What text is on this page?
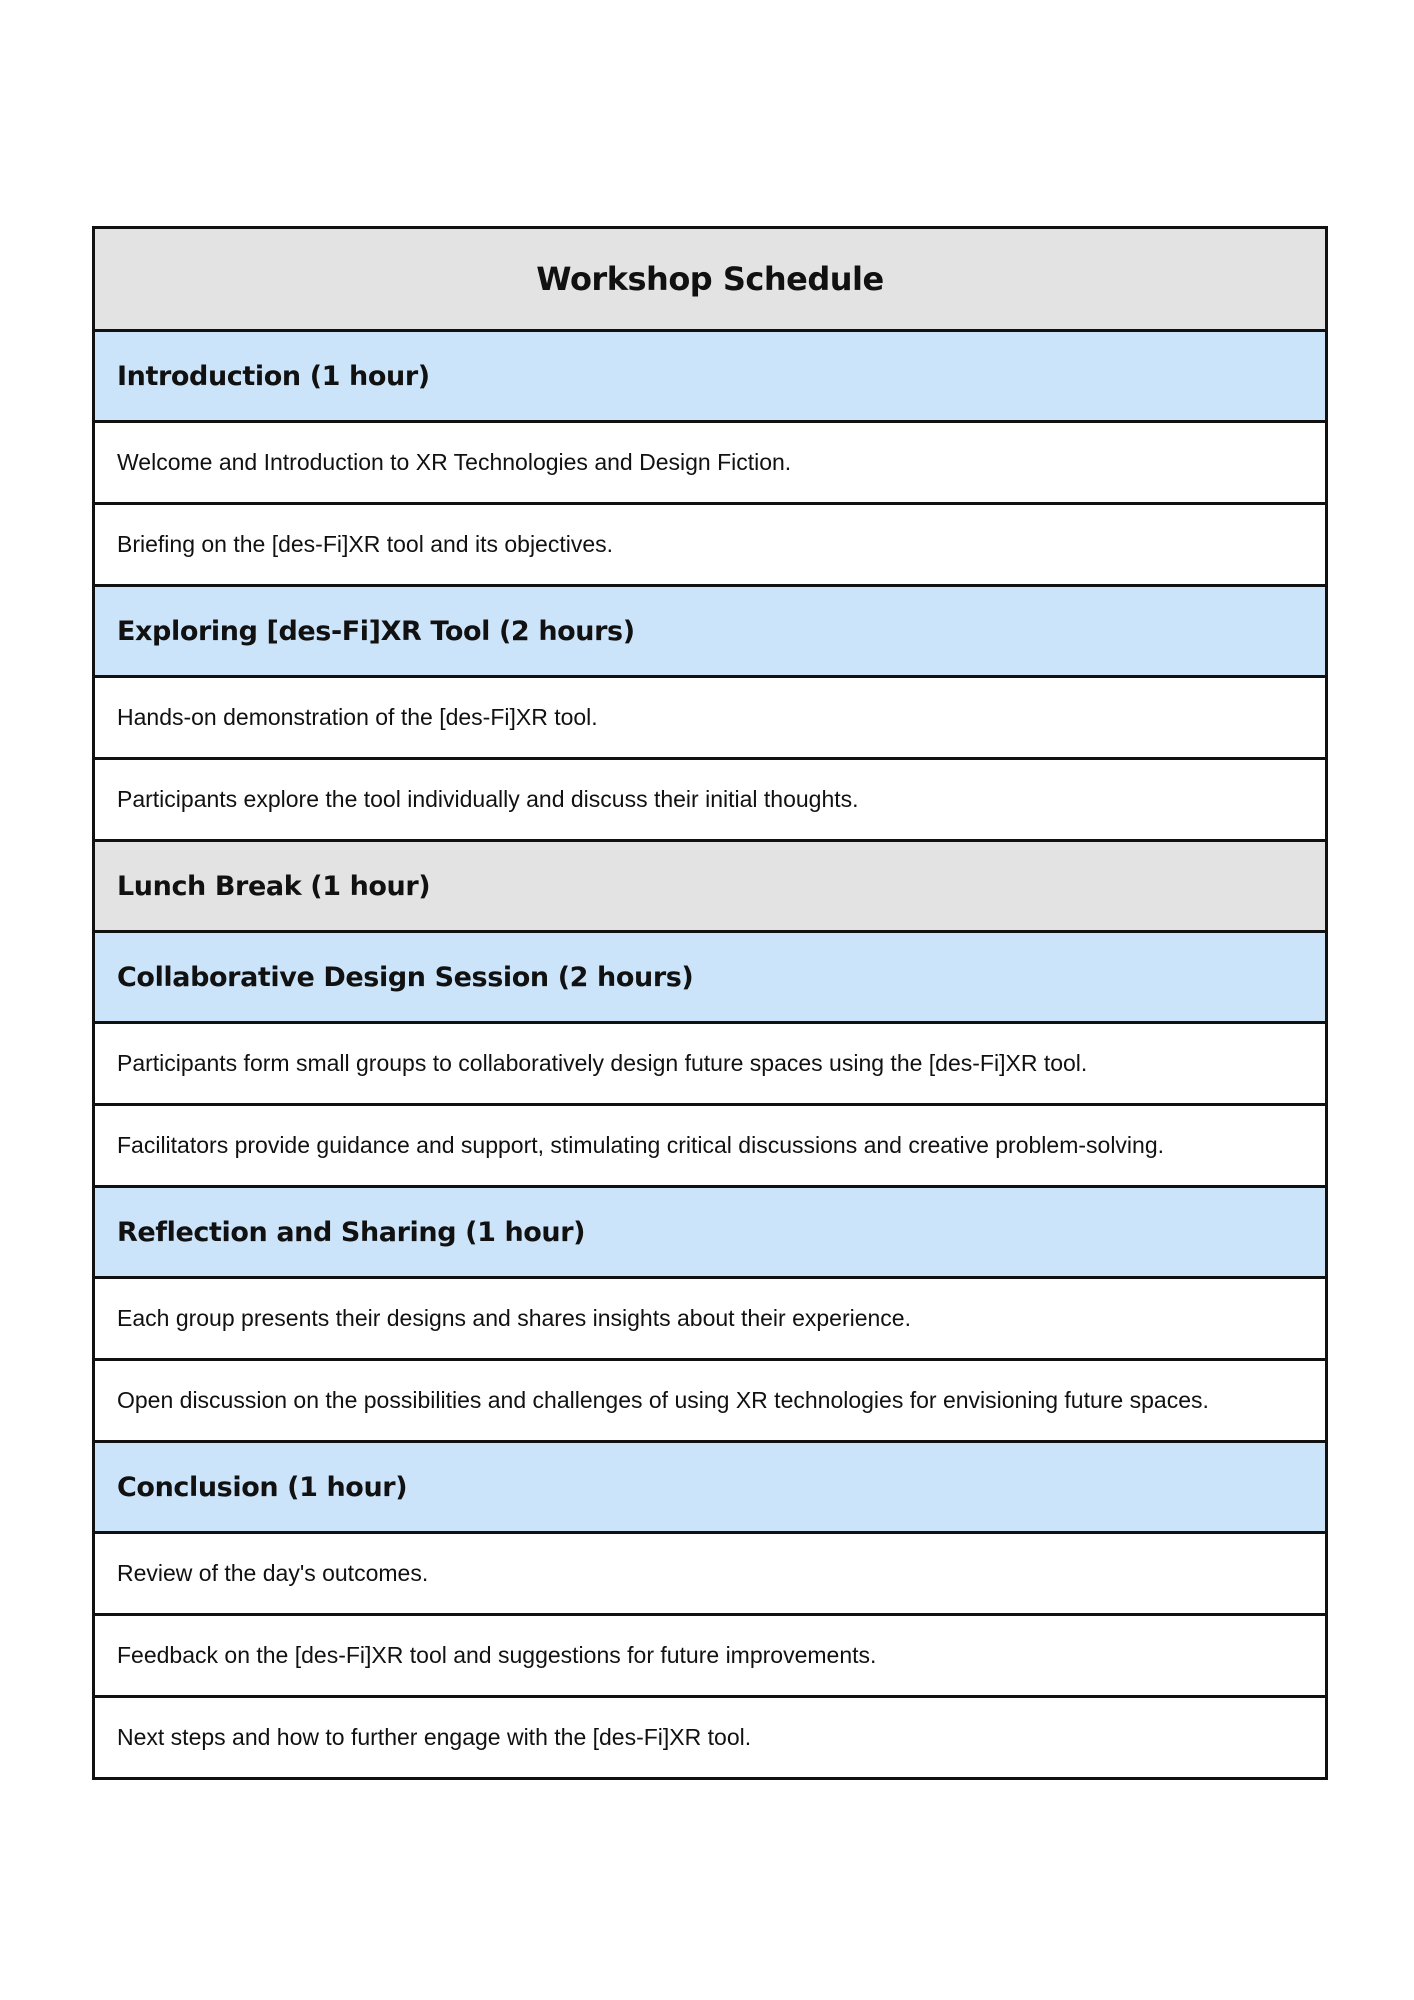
Workshop Schedule
Introduction (1 hour)
Welcome and Introduction to XR Technologies and Design Fiction.
Briefing on the [des-Fi]XR tool and its objectives.
Exploring [des-Fi]XR Tool (2 hours)
Hands-on demonstration of the [des-Fi]XR tool.
Participants explore the tool individually and discuss their initial thoughts.
Lunch Break (1 hour)
Collaborative Design Session (2 hours)
Participants form small groups to collaboratively design future spaces using the [des-Fi]XR tool.
Facilitators provide guidance and support, stimulating critical discussions and creative problem-solving.
Reflection and Sharing (1 hour)
Each group presents their designs and shares insights about their experience.
Open discussion on the possibilities and challenges of using XR technologies for envisioning future spaces.
Conclusion (1 hour)
Review of the day's outcomes.
Feedback on the [des-Fi]XR tool and suggestions for future improvements.
Next steps and how to further engage with the [des-Fi]XR tool.
